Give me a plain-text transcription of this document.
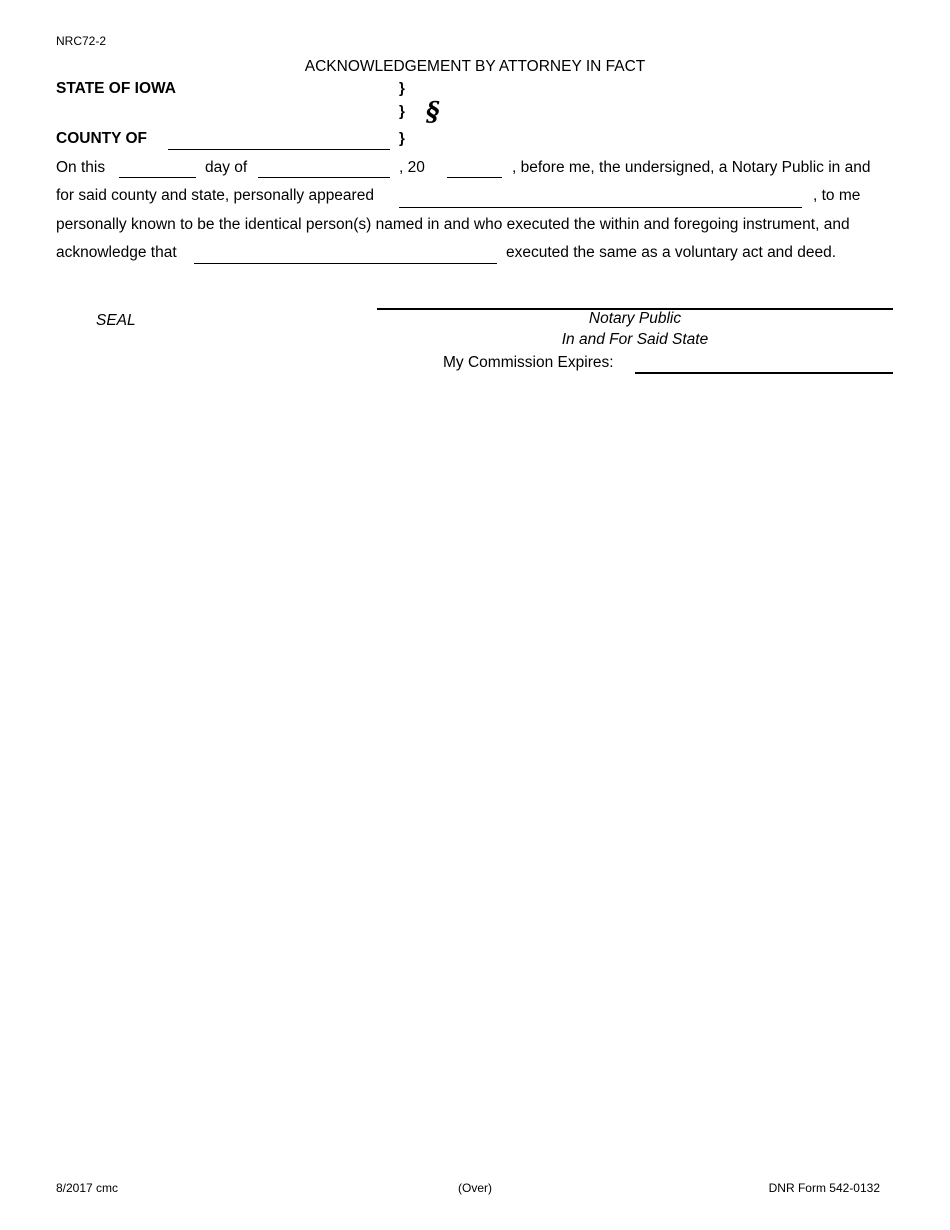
NRC72-2
ACKNOWLEDGEMENT BY ATTORNEY IN FACT
STATE OF IOWA	}
} §
COUNTY OF	}
On this	day of	, 20	, before me, the undersigned, a Notary Public in and
for said county and state, personally appeared	, to me
personally known to be the identical person(s) named in and who executed the within and foregoing instrument, and
acknowledge that	executed the same as a voluntary act and deed.
SEAL	Notary Public
In and For Said State
My Commission Expires:
8/2017 cmc	(Over)	DNR Form 542-0132
